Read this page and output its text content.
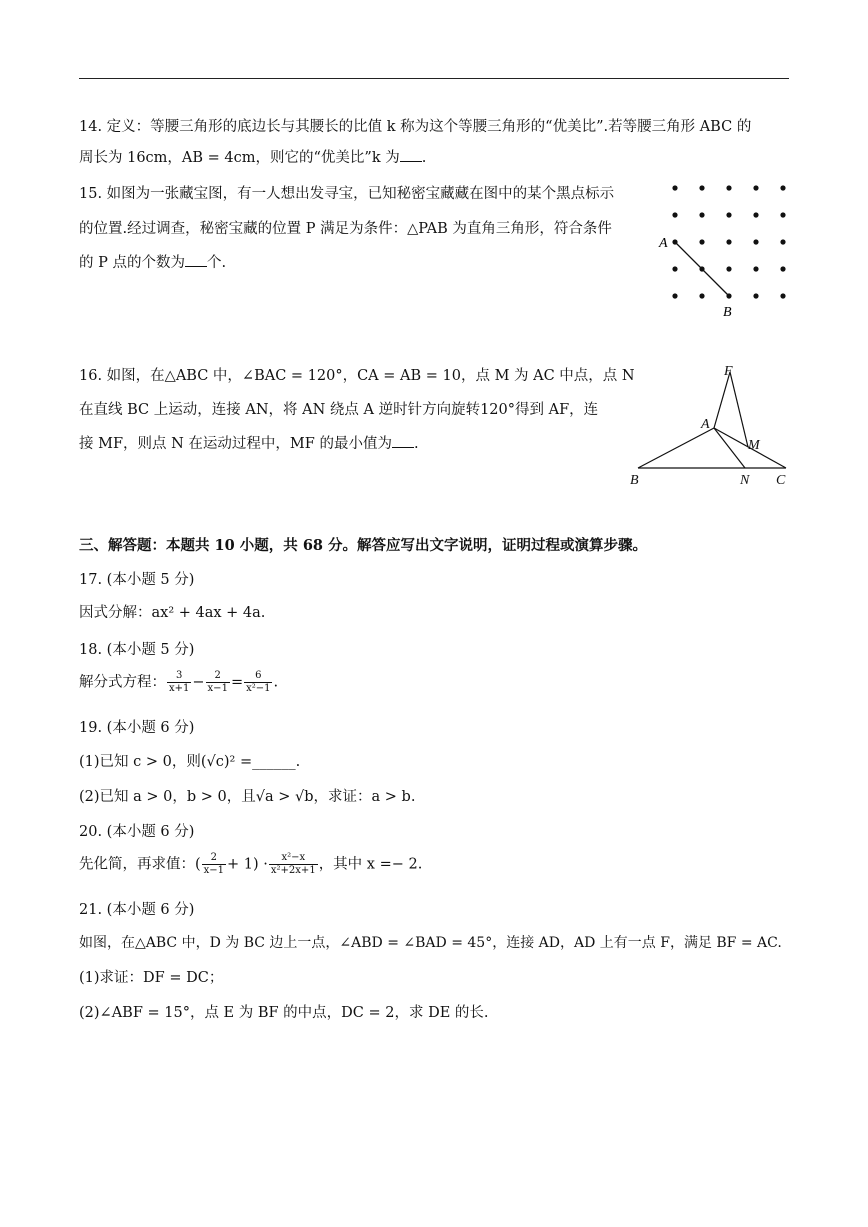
14. 定义：等腰三角形的底边长与其腰长的比值 k 称为这个等腰三角形的“优美比”.若等腰三角形 ABC 的
周长为 16cm，AB = 4cm，则它的“优美比”k 为 .
15. 如图为一张藏宝图，有一人想出发寻宝，已知秘密宝藏藏在图中的某个黑点标示
的位置.经过调查，秘密宝藏的位置 P 满足为条件：△PAB 为直角三角形，符合条件
的 P 点的个数为 个.
A
B
16. 如图，在△ABC 中，∠BAC = 120°，CA = AB = 10，点 M 为 AC 中点，点 N
在直线 BC 上运动，连接 AN，将 AN 绕点 A 逆时针方向旋转120°得到 AF，连
接 MF，则点 N 在运动过程中，MF 的最小值为 .
F
A
M
B	N C
三、解答题：本题共 10 小题，共 68 分。解答应写出文字说明，证明过程或演算步骤。
17. (本小题 5 分)
因式分解：ax² + 4ax + 4a.
18. (本小题 5 分)
解分式方程： $\frac{3}{x+1} - \frac{2}{x-1} = \frac{6}{\text{x²−1}}$ .
19. (本小题 6 分)
(1)已知 c > 0，则(√c)² =______.
(2)已知 a > 0，b > 0，且√a > √b，求证：a > b.
20. (本小题 6 分)
先化简，再求值：( $\frac{2}{x-1} + 1) \cdot \frac{\text{x²−x}}{\text{x²+2x+1}}$ ，其中 x =− 2.
21. (本小题 6 分)
如图，在△ABC 中，D 为 BC 边上一点，∠ABD = ∠BAD = 45°，连接 AD，AD 上有一点 F，满足 BF = AC.
(1)求证：DF = DC；
(2)∠ABF = 15°，点 E 为 BF 的中点，DC = 2，求 DE 的长.
